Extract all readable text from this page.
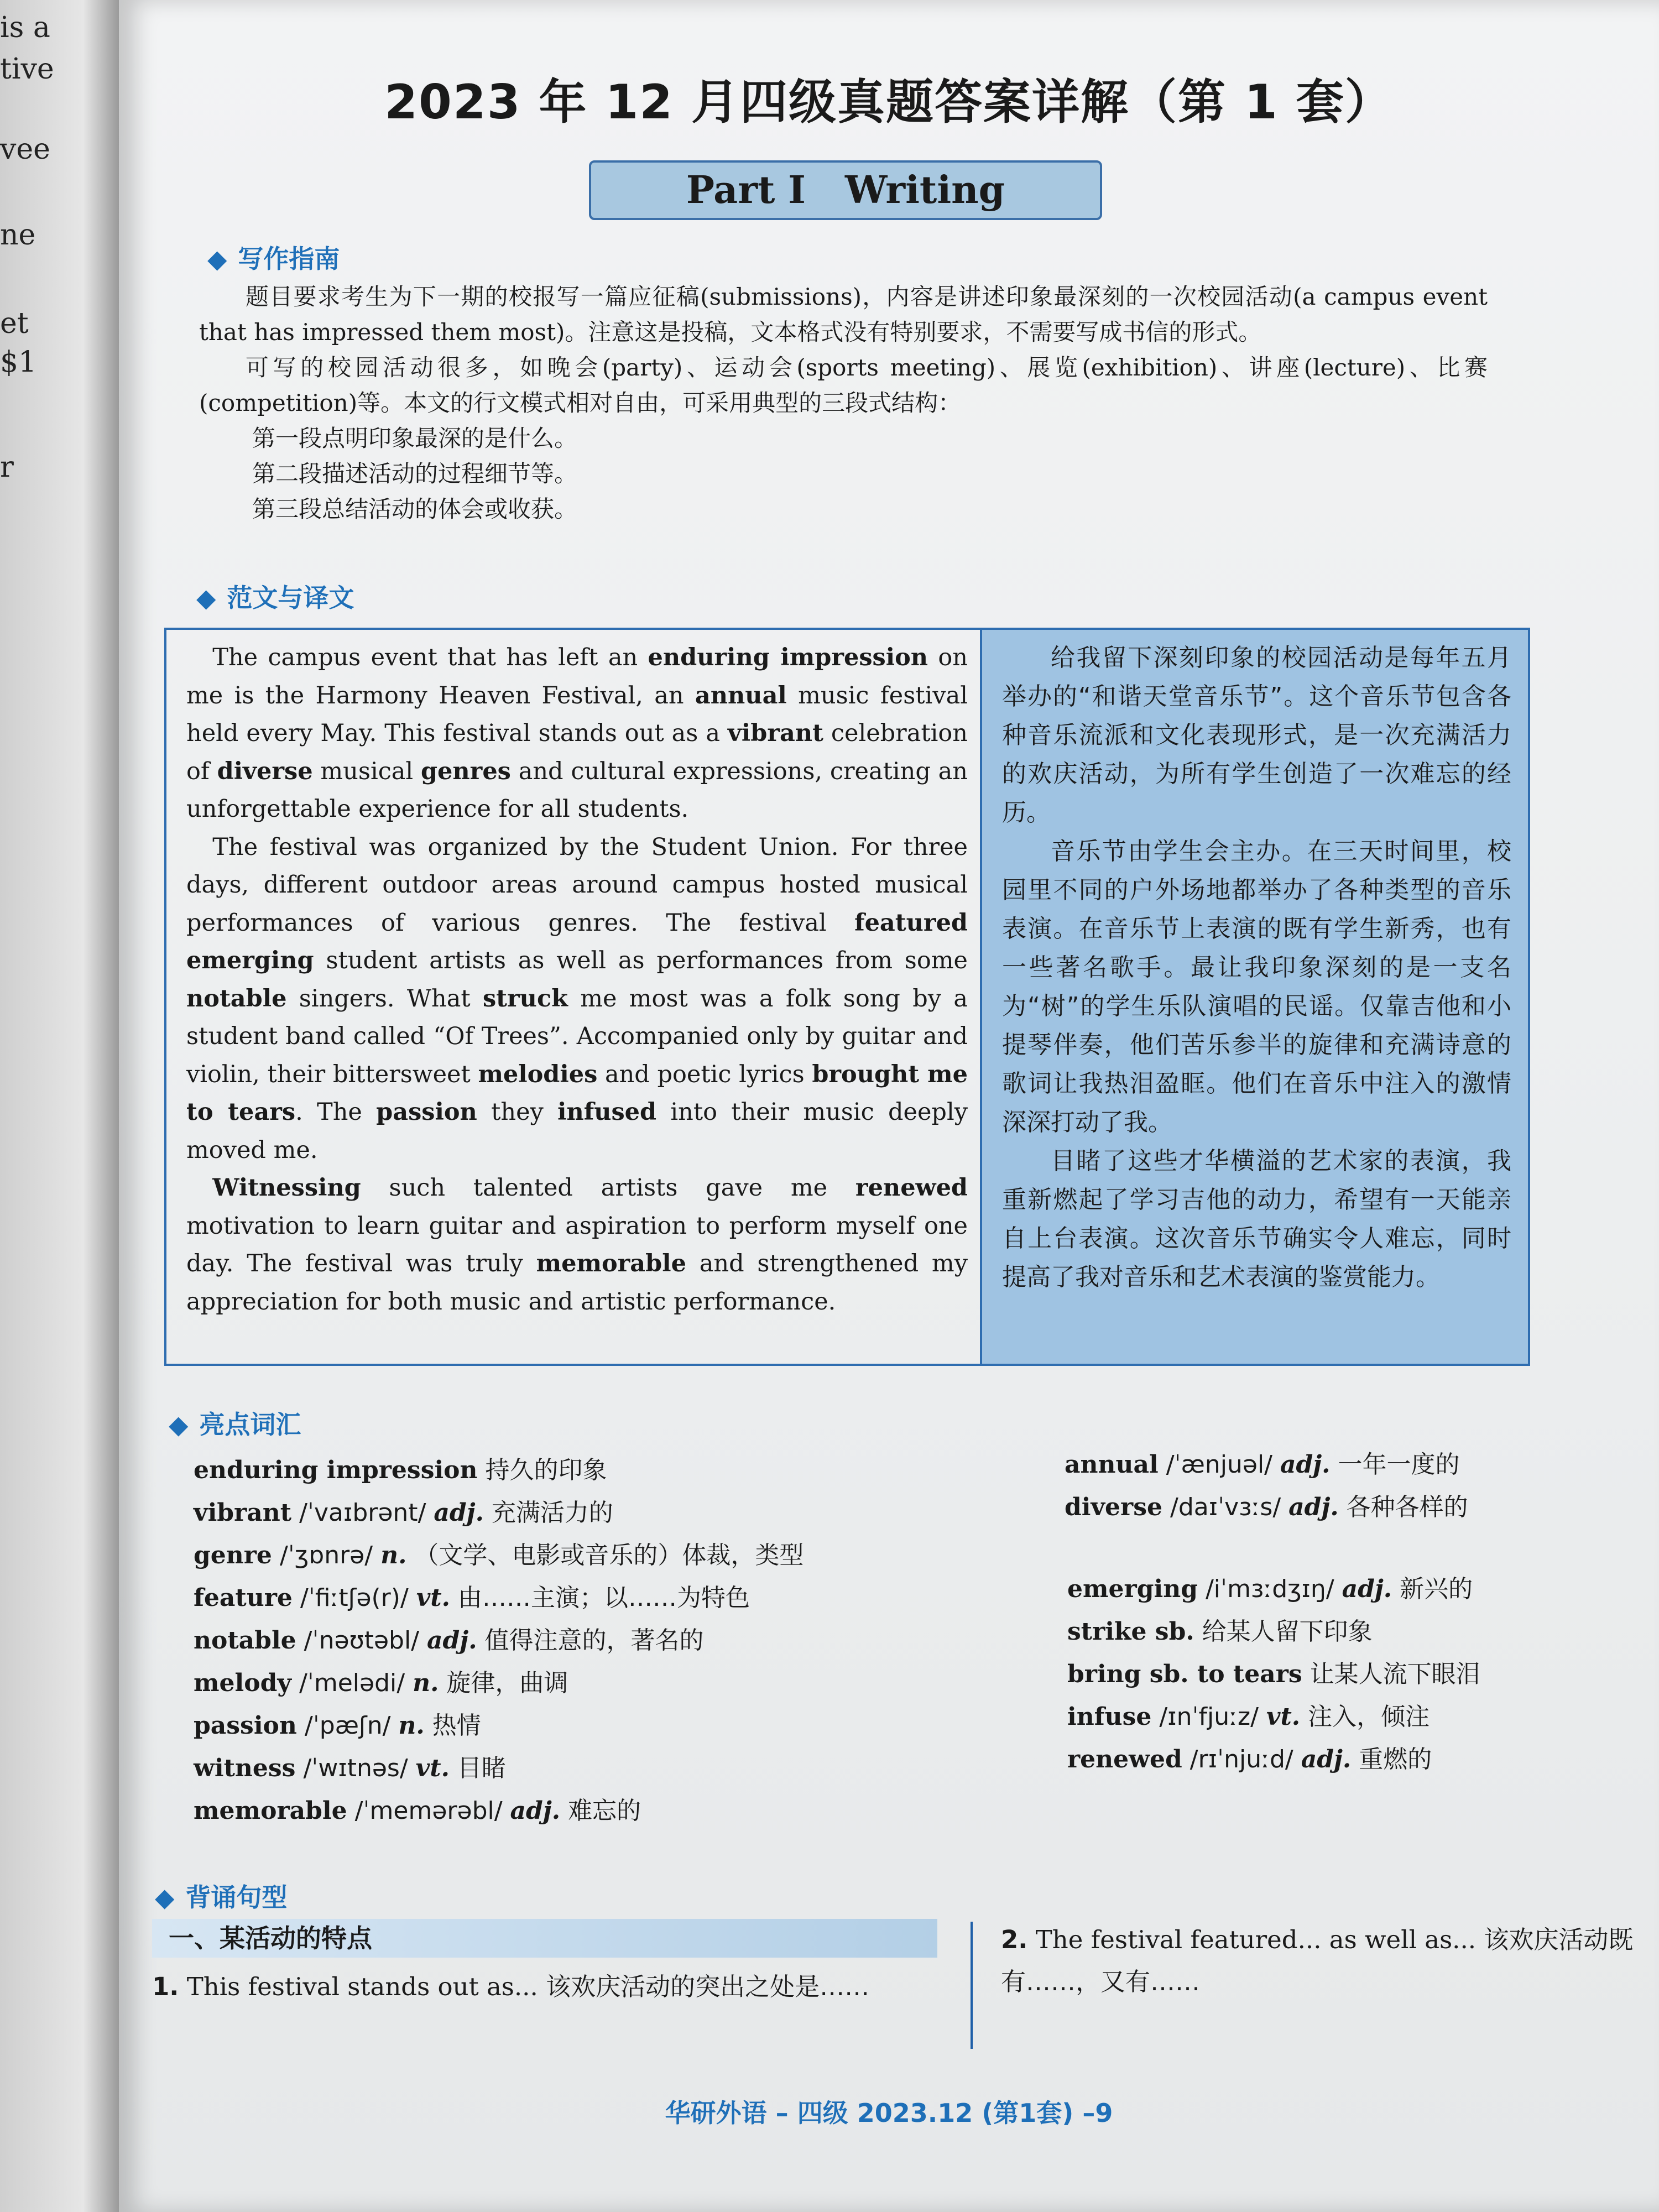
is a
tive
vee
ne
et
$1
r
2023 年 12 月四级真题答案详解（第 1 套）
Part I   Writing
◆ 写作指南

题目要求考生为下一期的校报写一篇应征稿(submissions)，内容是讲述印象最深刻的一次校园活动(a campus event that has impressed them most)。注意这是投稿，文本格式没有特别要求，不需要写成书信的形式。

可写的校园活动很多，如晚会(party)、运动会(sports meeting)、展览(exhibition)、讲座(lecture)、比赛(competition)等。本文的行文模式相对自由，可采用典型的三段式结构：

第一段点明印象最深的是什么。

第二段描述活动的过程细节等。

第三段总结活动的体会或收获。

◆ 范文与译文

The campus event that has left an enduring impression on me is the Harmony Heaven Festival, an annual music festival held every May. This festival stands out as a vibrant celebration of diverse musical genres and cultural expressions, creating an unforgettable experience for all students.

The festival was organized by the Student Union. For three days, different outdoor areas around campus hosted musical performances of various genres. The festival featured emerging student artists as well as performances from some notable singers. What struck me most was a folk song by a student band called “Of Trees”. Accompanied only by guitar and violin, their bittersweet melodies and poetic lyrics brought me to tears. The passion they infused into their music deeply moved me.

Witnessing such talented artists gave me renewed motivation to learn guitar and aspiration to perform myself one day. The festival was truly memorable and strengthened my appreciation for both music and artistic performance.

给我留下深刻印象的校园活动是每年五月举办的“和谐天堂音乐节”。这个音乐节包含各种音乐流派和文化表现形式，是一次充满活力的欢庆活动，为所有学生创造了一次难忘的经历。

音乐节由学生会主办。在三天时间里，校园里不同的户外场地都举办了各种类型的音乐表演。在音乐节上表演的既有学生新秀，也有一些著名歌手。最让我印象深刻的是一支名为“树”的学生乐队演唱的民谣。仅靠吉他和小提琴伴奏，他们苦乐参半的旋律和充满诗意的歌词让我热泪盈眶。他们在音乐中注入的激情深深打动了我。

目睹了这些才华横溢的艺术家的表演，我重新燃起了学习吉他的动力，希望有一天能亲自上台表演。这次音乐节确实令人难忘，同时提高了我对音乐和艺术表演的鉴赏能力。

◆ 亮点词汇
enduring impression 持久的印象
vibrant /ˈvaɪbrənt/ adj. 充满活力的
genre /ˈʒɒnrə/ n. （文学、电影或音乐的）体裁，类型
feature /ˈfiːtʃə(r)/ vt. 由……主演；以……为特色
notable /ˈnəʊtəbl/ adj. 值得注意的，著名的
melody /ˈmelədi/ n. 旋律，曲调
passion /ˈpæʃn/ n. 热情
witness /ˈwɪtnəs/ vt. 目睹
memorable /ˈmemərəbl/ adj. 难忘的
annual /ˈænjuəl/ adj. 一年一度的
diverse /daɪˈvɜːs/ adj. 各种各样的
emerging /iˈmɜːdʒɪŋ/ adj. 新兴的
strike sb. 给某人留下印象
bring sb. to tears 让某人流下眼泪
infuse /ɪnˈfjuːz/ vt. 注入，倾注
renewed /rɪˈnjuːd/ adj. 重燃的
◆ 背诵句型
一、某活动的特点
1. This festival stands out as... 该欢庆活动的突出之处是……
2. The festival featured... as well as... 该欢庆活动既有……，又有……
华研外语 – 四级 2023.12 (第1套) –9
